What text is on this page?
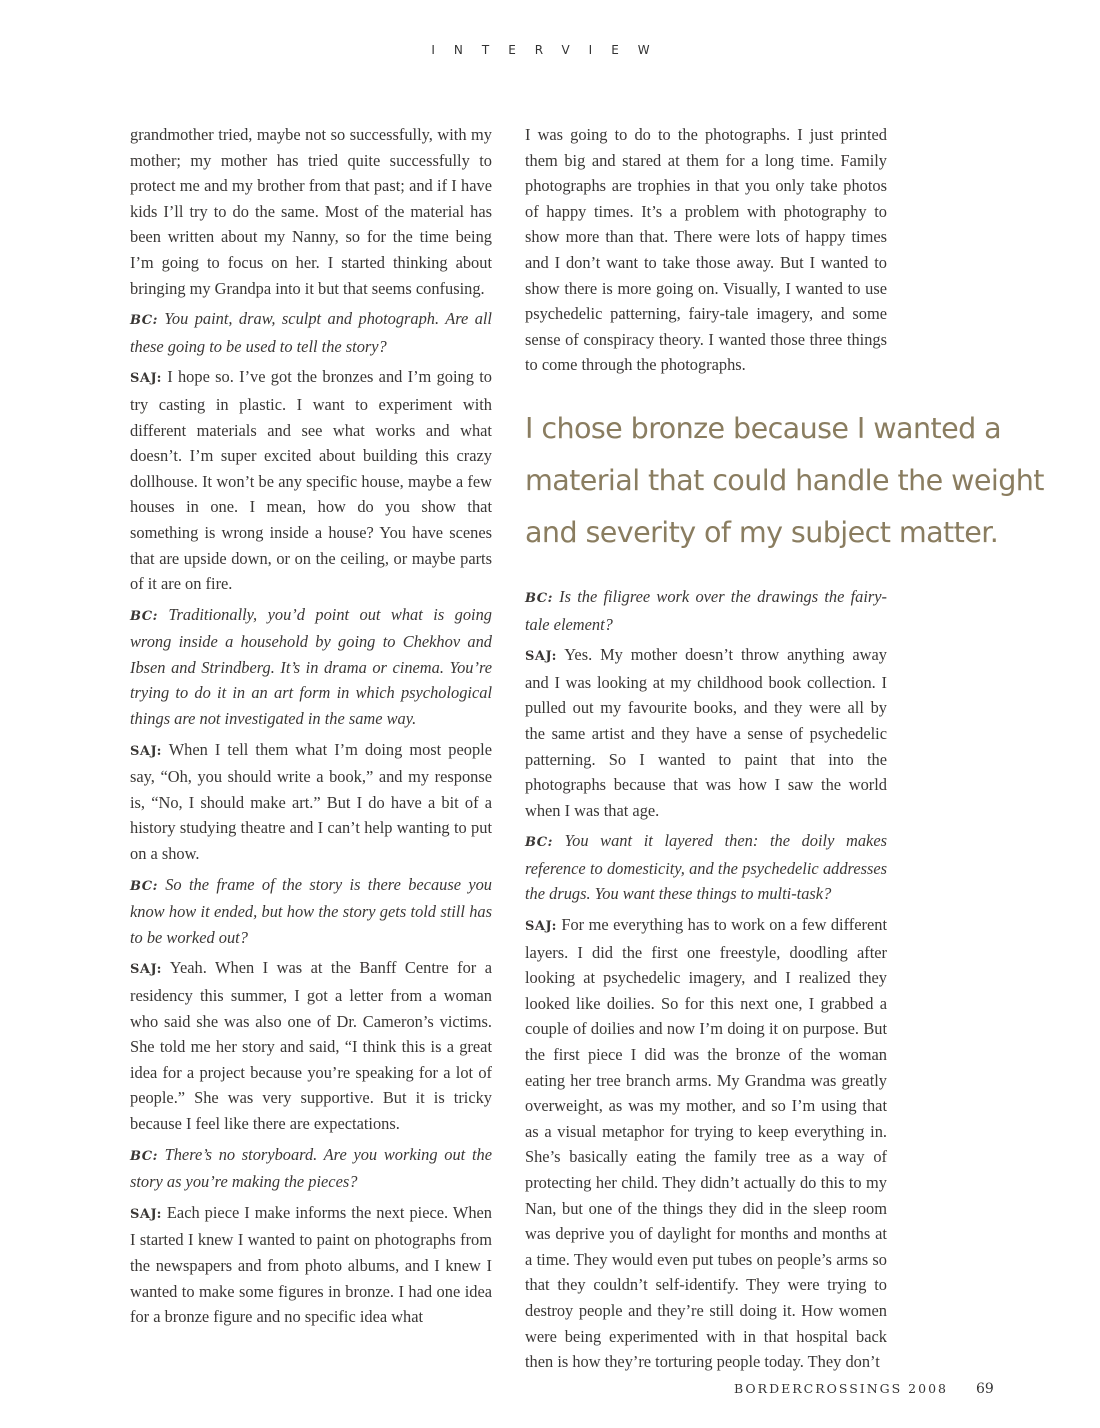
INTERVIEW

grandmother tried, maybe not so successfully, with my mother; my mother has tried quite successfully to protect me and my brother from that past; and if I have kids I’ll try to do the same. Most of the material has been written about my Nanny, so for the time being I’m going to focus on her. I started thinking about bringing my Grandpa into it but that seems confusing.

BC: You paint, draw, sculpt and photograph. Are all these going to be used to tell the story?

SAJ: I hope so. I’ve got the bronzes and I’m going to try casting in plastic. I want to experiment with different materials and see what works and what doesn’t. I’m super excited about building this crazy dollhouse. It won’t be any specific house, maybe a few houses in one. I mean, how do you show that something is wrong inside a house? You have scenes that are upside down, or on the ceiling, or maybe parts of it are on fire.

BC: Traditionally, you’d point out what is going wrong inside a household by going to Chekhov and Ibsen and Strindberg. It’s in drama or cinema. You’re trying to do it in an art form in which psychological things are not investigated in the same way.

SAJ: When I tell them what I’m doing most people say, “Oh, you should write a book,” and my response is, “No, I should make art.” But I do have a bit of a history studying theatre and I can’t help wanting to put on a show.

BC: So the frame of the story is there because you know how it ended, but how the story gets told still has to be worked out?

SAJ: Yeah. When I was at the Banff Centre for a residency this summer, I got a letter from a woman who said she was also one of Dr. Cameron’s victims. She told me her story and said, “I think this is a great idea for a project because you’re speaking for a lot of people.” She was very supportive. But it is tricky because I feel like there are expectations.

BC: There’s no storyboard. Are you working out the story as you’re making the pieces?

SAJ: Each piece I make informs the next piece. When I started I knew I wanted to paint on photographs from the newspapers and from photo albums, and I knew I wanted to make some figures in bronze. I had one idea for a bronze figure and no specific idea what

I was going to do to the photographs. I just printed them big and stared at them for a long time. Family photographs are trophies in that you only take photos of happy times. It’s a problem with photography to show more than that. There were lots of happy times and I don’t want to take those away. But I wanted to show there is more going on. Visually, I wanted to use psychedelic patterning, fairy-tale imagery, and some sense of conspiracy theory. I wanted those three things to come through the photographs.

I chose bronze because I wanted a material that could handle the weight and severity of my subject matter.

BC: Is the filigree work over the drawings the fairy-tale element?

SAJ: Yes. My mother doesn’t throw anything away and I was looking at my childhood book collection. I pulled out my favourite books, and they were all by the same artist and they have a sense of psychedelic patterning. So I wanted to paint that into the photographs because that was how I saw the world when I was that age.

BC: You want it layered then: the doily makes reference to domesticity, and the psychedelic addresses the drugs. You want these things to multi-task?

SAJ: For me everything has to work on a few different layers. I did the first one freestyle, doodling after looking at psychedelic imagery, and I realized they looked like doilies. So for this next one, I grabbed a couple of doilies and now I’m doing it on purpose. But the first piece I did was the bronze of the woman eating her tree branch arms. My Grandma was greatly overweight, as was my mother, and so I’m using that as a visual metaphor for trying to keep everything in. She’s basically eating the family tree as a way of protecting her child. They didn’t actually do this to my Nan, but one of the things they did in the sleep room was deprive you of daylight for months and months at a time. They would even put tubes on people’s arms so that they couldn’t self-identify. They were trying to destroy people and they’re still doing it. How women were being experimented with in that hospital back then is how they’re torturing people today. They don’t

BORDERCROSSINGS 2008 69
